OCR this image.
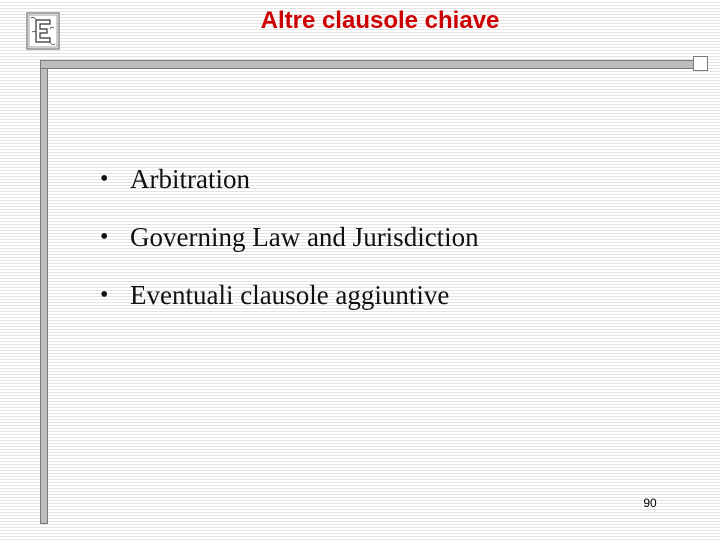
Altre clausole chiave
• Arbitration
• Governing Law and Jurisdiction
• Eventuali clausole aggiuntive
90
